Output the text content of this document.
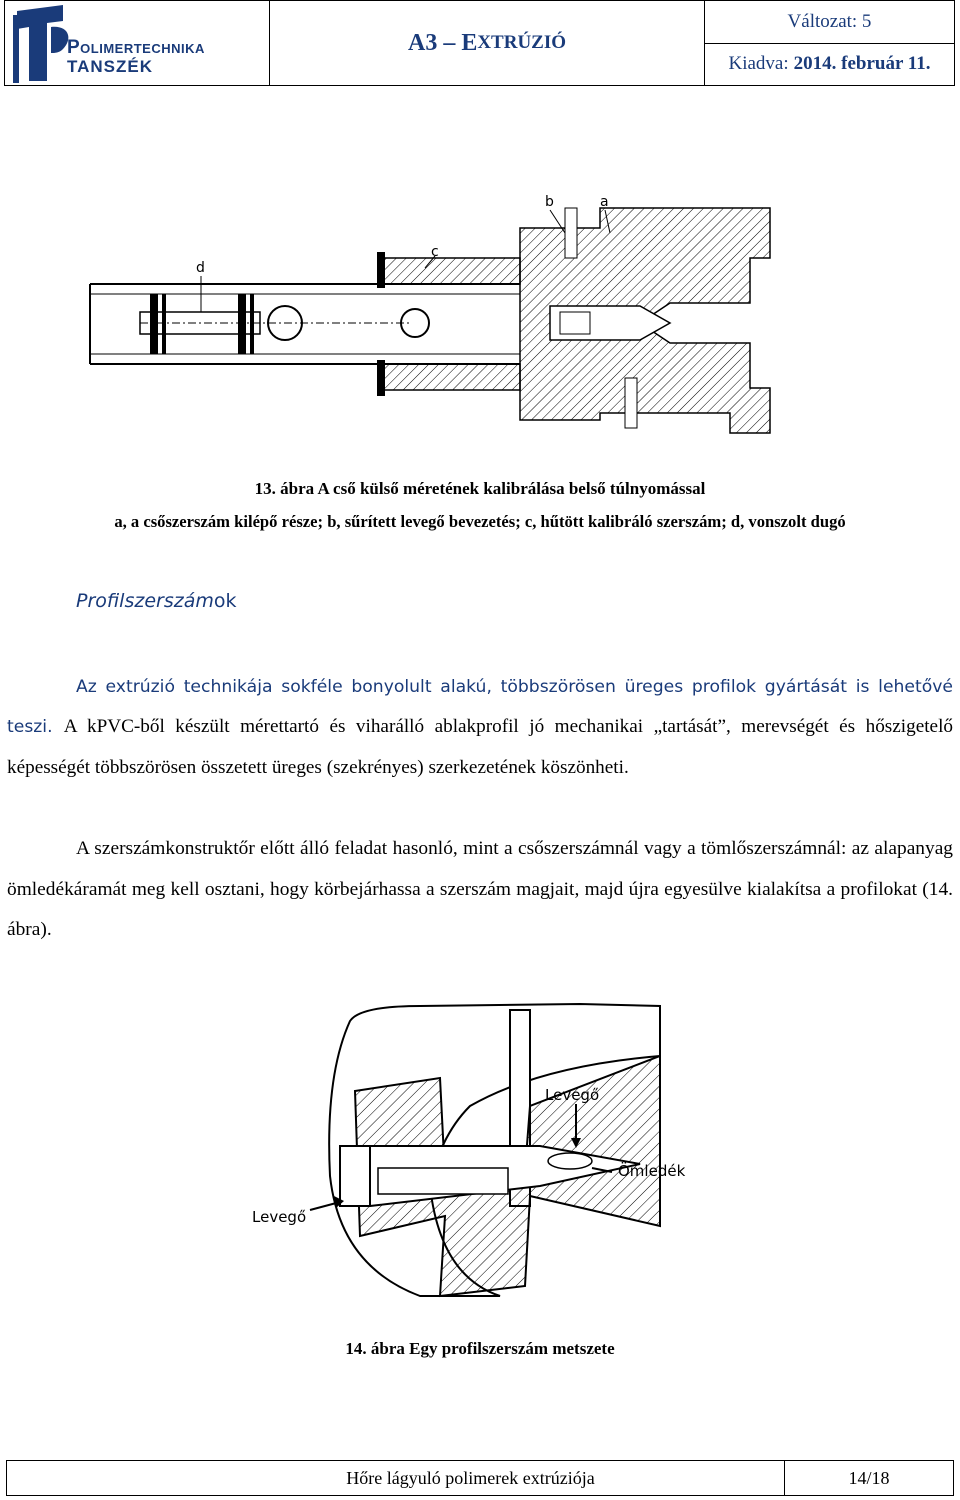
Polimertechnika
TANSZÉK
A3 – E XTRÚZIÓ
Változat: 5
Kiadva: 2014. február 11.
d
c
b	a
13. ábra A cső külső méretének kalibrálása belső túlnyomással
a, a csőszerszám kilépő része; b, sűrített levegő bevezetés; c, hűtött kalibráló szerszám; d, vonszolt dugó
Profilszerszámok
Az extrúzió technikája sokféle bonyolult alakú, többszörösen üreges profilok gyártását is lehetővé teszi. A kPVC-ből készült mérettartó és viharálló ablakprofil jó mechanikai „tartását”, merevségét és hőszigetelő képességét többszörösen összetett üreges (szekrényes) szerkezetének köszönheti.
A szerszámkonstruktőr előtt álló feladat hasonló, mint a csőszerszámnál vagy a tömlőszerszámnál: az alapanyag ömledékáramát meg kell osztani, hogy körbejárhassa a szerszám magjait, majd újra egyesülve kialakítsa a profilokat (14. ábra).
Levegő
Ömledék
Levegő
14. ábra Egy profilszerszám metszete
Hőre lágyuló polimerek extrúziója	14/18
